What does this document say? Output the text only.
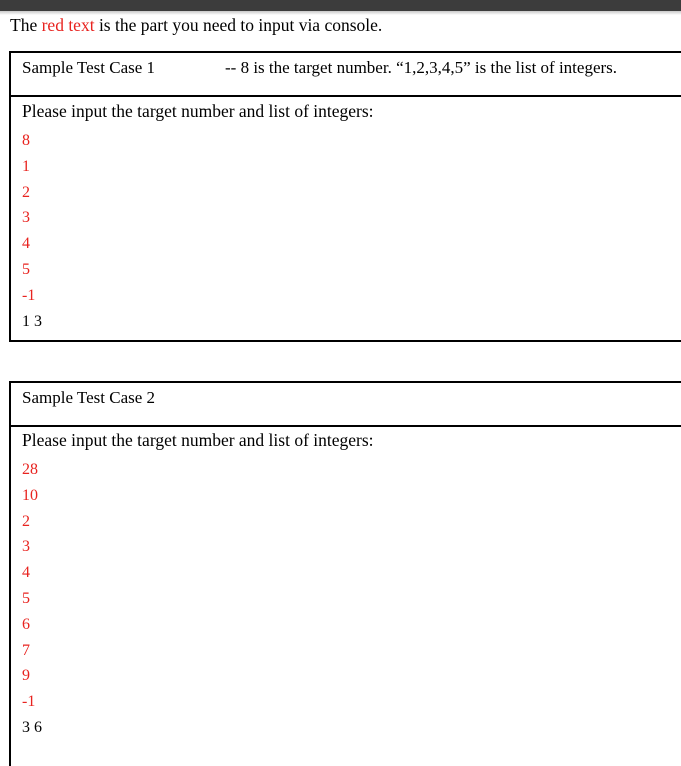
The red text is the part you need to input via console.
Sample Test Case 1	-- 8 is the target number. “1,2,3,4,5” is the list of integers.
Please input the target number and list of integers:
8
1
2
3
4
5
-1
1 3
Sample Test Case 2
Please input the target number and list of integers:
28
10
2
3
4
5
6
7
9
-1
3 6
